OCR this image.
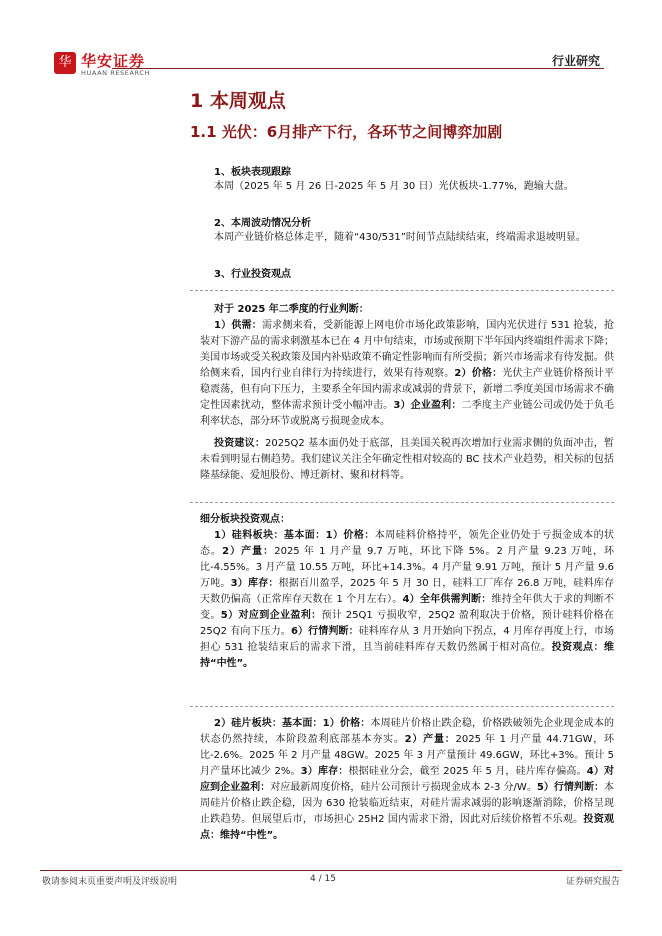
华 华安证券
HUAAN RESEARCH
行业研究
1 本周观点
1.1 光伏：6月排产下行，各环节之间博弈加剧
1、板块表现跟踪

本周（2025 年 5 月 26 日-2025 年 5 月 30 日）光伏板块-1.77%，跑输大盘。

2、本周波动情况分析

本周产业链价格总体走平，随着“430/531”时间节点陆续结束，终端需求退坡明显。

3、行业投资观点

对于 2025 年二季度的行业判断：

1）供需：需求侧来看，受新能源上网电价市场化政策影响，国内光伏进行 531 抢装，抢装对下游产品的需求刺激基本已在 4 月中旬结束，市场或预期下半年国内终端组件需求下降；美国市场或受关税政策及国内补贴政策不确定性影响而有所受损；新兴市场需求有待发掘。供给侧来看，国内行业自律行为持续进行，效果有待观察。2）价格：光伏主产业链价格预计平稳震荡，但有向下压力，主要系全年国内需求或减弱的背景下，新增二季度美国市场需求不确定性因素扰动，整体需求预计受小幅冲击。3）企业盈利：二季度主产业链公司或仍处于负毛利率状态，部分环节或脱离亏损现金成本。

投资建议：2025Q2 基本面仍处于底部，且美国关税再次增加行业需求侧的负面冲击，暂未看到明显右侧趋势。我们建议关注全年确定性相对较高的 BC 技术产业趋势，相关标的包括隆基绿能、爱旭股份、博迁新材、聚和材料等。

细分板块投资观点：

1）硅料板块：基本面：1）价格：本周硅料价格持平，领先企业仍处于亏损金成本的状态。2）产量：2025 年 1 月产量 9.7 万吨，环比下降 5%。2 月产量 9.23 万吨，环比-4.55%。3 月产量 10.55 万吨，环比+14.3%。4 月产量 9.91 万吨，预计 5 月产量 9.6 万吨。3）库存：根据百川盈孚，2025 年 5 月 30 日，硅料工厂库存 26.8 万吨，硅料库存天数仍偏高（正常库存天数在 1 个月左右）。4）全年供需判断：维持全年供大于求的判断不变。5）对应到企业盈利：预计 25Q1 亏损收窄，25Q2 盈利取决于价格，预计硅料价格在 25Q2 有向下压力。6）行情判断：硅料库存从 3 月开始向下拐点，4 月库存再度上行，市场担心 531 抢装结束后的需求下滑，且当前硅料库存天数仍然属于相对高位。投资观点：维持“中性”。

2）硅片板块：基本面：1）价格：本周硅片价格止跌企稳，价格跌破领先企业现金成本的状态仍然持续，本阶段盈利底部基本夯实。2）产量：2025 年 1 月产量 44.71GW，环比-2.6%。2025 年 2 月产量 48GW。2025 年 3 月产量预计 49.6GW，环比+3%。预计 5 月产量环比减少 2%。3）库存：根据硅业分会，截至 2025 年 5 月，硅片库存偏高。4）对应到企业盈利：对应最新周度价格，硅片公司预计亏损现金成本 2-3 分/W。5）行情判断：本周硅片价格止跌企稳，因为 630 抢装临近结束，对硅片需求减弱的影响逐渐消除，价格呈现止跌趋势。但展望后市，市场担心 25H2 国内需求下滑，因此对后续价格暂不乐观。投资观点：维持“中性”。

敬请参阅末页重要声明及评级说明	4 / 15	证券研究报告
